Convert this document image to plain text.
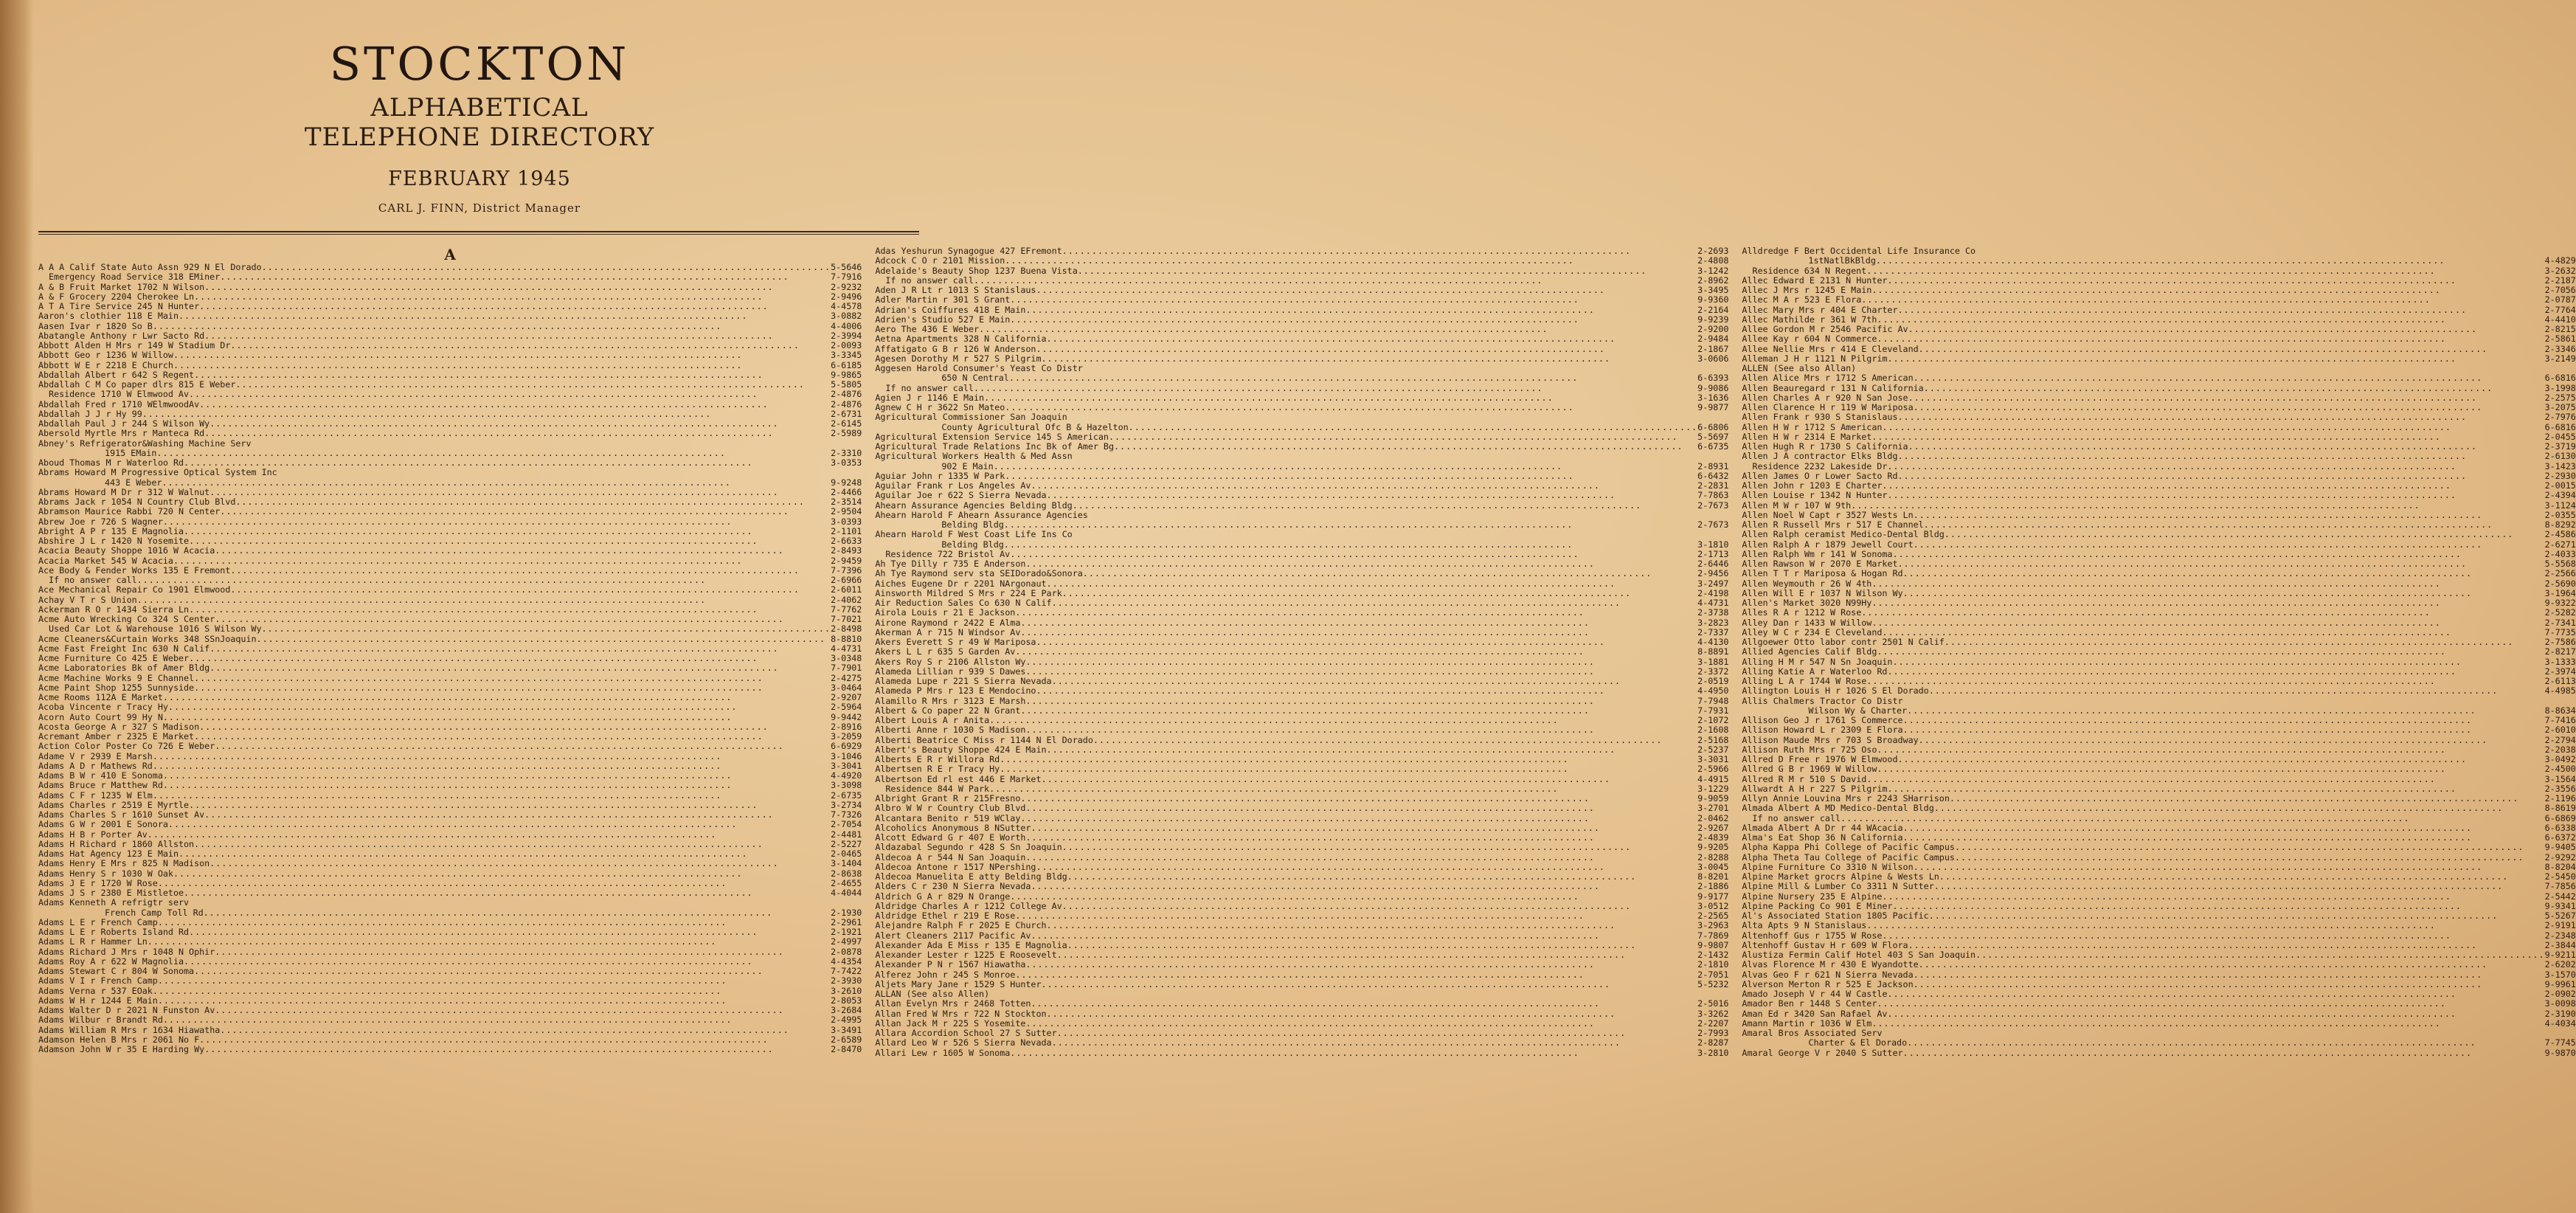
STOCKTON
ALPHABETICAL
TELEPHONE DIRECTORY
FEBRUARY 1945
CARL J. FINN, District Manager
A
A A A Calif State Auto Assn 929 N El Dorado .....	5-5646
Emergency Road Service 318 EMiner .....	7-7916
A & B Fruit Market 1702 N Wilson .....	2-9232
A & F Grocery 2204 Cherokee Ln .....	2-9496
A T A Tire Service 245 N Hunter .....	4-4578
Aaron's clothier 118 E Main .....	3-0882
Aasen Ivar r 1820 So B .....	4-4006
Abatangle Anthony r Lwr Sacto Rd .....	2-3994
Abbott Alden H Mrs r 149 W Stadium Dr .....	2-0093
Abbott Geo r 1236 W Willow .....	3-3345
Abbott W E r 2218 E Church .....	6-6185
Abdallah Albert r 642 S Regent .....	9-9865
Abdallah C M Co paper dlrs 815 E Weber .....	5-5805
Residence 1710 W Elmwood Av .....	2-4876
Abdallah Fred r 1710 WElmwoodAv .....	2-4876
Abdallah J J r Hy 99 .....	2-6731
Abdallah Paul J r 244 S Wilson Wy .....	2-6145
Abersold Myrtle Mrs r Manteca Rd .....	2-5989
Abney's Refrigerator&Washing Machine Serv
1915 EMain .....	2-3310
Aboud Thomas M r Waterloo Rd .....	3-0353
Abrams Howard M Progressive Optical System Inc
443 E Weber .....	9-9248
Abrams Howard M Dr r 312 W Walnut .....	2-4466
Abrams Jack r 1054 N Country Club Blvd .....	2-3514
Abramson Maurice Rabbi 720 N Center .....	2-9504
Abrew Joe r 726 S Wagner .....	3-0393
Abright A P r 135 E Magnolia .....	2-1101
Abshire J L r 1420 N Yosemite .....	2-6633
Acacia Beauty Shoppe 1016 W Acacia .....	2-8493
Acacia Market 545 W Acacia .....	2-9459
Ace Body & Fender Works 135 E Fremont .....	7-7396
If no answer call .....	2-6966
Ace Mechanical Repair Co 1901 Elmwood .....	2-6011
Achay V T r S Union .....	2-4062
Ackerman R O r 1434 Sierra Ln .....	7-7762
Acme Auto Wrecking Co 324 S Center .....	7-7021
Used Car Lot & Warehouse 1016 S Wilson Wy .....	2-8498
Acme Cleaners&Curtain Works 348 SSnJoaquin .....	8-8810
Acme Fast Freight Inc 630 N Calif .....	4-4731
Acme Furniture Co 425 E Weber .....	3-0348
Acme Laboratories Bk of Amer Bldg .....	7-7901
Acme Machine Works 9 E Channel .....	2-4275
Acme Paint Shop 1255 Sunnyside .....	3-0464
Acme Rooms 112A E Market .....	2-9207
Acoba Vincente r Tracy Hy .....	2-5964
Acorn Auto Court 99 Hy N .....	9-9442
Acosta George A r 327 S Madison .....	2-8916
Acremant Amber r 2325 E Market .....	3-2059
Action Color Poster Co 726 E Weber .....	6-6929
Adame V r 2939 E Marsh .....	3-1046
Adams A D r Mathews Rd .....	3-3041
Adams B W r 410 E Sonoma .....	4-4920
Adams Bruce r Matthew Rd .....	3-3098
Adams C F r 1235 W Elm .....	2-6735
Adams Charles r 2519 E Myrtle .....	3-2734
Adams Charles S r 1610 Sunset Av .....	7-7326
Adams G W r 2001 E Sonora .....	2-7054
Adams H B r Porter Av .....	2-4481
Adams H Richard r 1860 Allston .....	2-5227
Adams Hat Agency 123 E Main .....	2-0465
Adams Henry E Mrs r 825 N Madison .....	3-1404
Adams Henry S r 1030 W Oak .....	2-8638
Adams J E r 1720 W Rose .....	2-4655
Adams J S r 2380 E Mistletoe .....	4-4044
Adams Kenneth A refrigtr serv
French Camp Toll Rd .....	2-1930
Adams L E r French Camp .....	2-2961
Adams L E r Roberts Island Rd .....	2-1921
Adams L R r Hammer Ln .....	2-4997
Adams Richard J Mrs r 1048 N Ophir .....	2-0878
Adams Roy A r 622 W Magnolia .....	4-4354
Adams Stewart C r 804 W Sonoma .....	7-7422
Adams V I r French Camp .....	2-3930
Adams Verna r 537 EOak .....	3-2610
Adams W H r 1244 E Main .....	2-8053
Adams Walter D r 2021 N Funston Av .....	3-2684
Adams Wilbur r Brandt Rd .....	2-4995
Adams William R Mrs r 1634 Hiawatha .....	3-3491
Adamson Helen B Mrs r 2061 No F .....	2-6589
Adamson John W r 35 E Harding Wy .....	2-8470
Adas Yeshurun Synagogue 427 EFremont .....	2-2693
Adcock C O r 2101 Mission .....	2-4808
Adelaide's Beauty Shop 1237 Buena Vista .....	3-1242
If no answer call .....	2-8962
Aden J R Lt r 1013 S Stanislaus .....	3-3495
Adler Martin r 301 S Grant .....	9-9360
Adrian's Coiffures 418 E Main .....	2-2164
Adrien's Studio 527 E Main .....	9-9239
Aero The 436 E Weber .....	2-9200
Aetna Apartments 328 N California .....	2-9484
Affatigato G B r 126 W Anderson .....	2-1867
Agesen Dorothy M r 527 S Pilgrim .....	3-0606
Aggesen Harold Consumer's Yeast Co Distr
650 N Central .....	6-6393
If no answer call .....	9-9086
Agien J r 1146 E Main .....	3-1636
Agnew C H r 3622 Sn Mateo .....	9-9877
Agricultural Commissioner San Joaquin
County Agricultural Ofc B & Hazelton .....	6-6806
Agricultural Extension Service 145 S American .....	5-5697
Agricultural Trade Relations Inc Bk of Amer Bg .....	6-6735
Agricultural Workers Health & Med Assn
902 E Main .....	2-8931
Aguiar John r 1335 W Park .....	6-6432
Aguilar Frank r Los Angeles Av .....	2-2831
Aguilar Joe r 622 S Sierra Nevada .....	7-7863
Ahearn Assurance Agencies Belding Bldg .....	2-7673
Ahearn Harold F Ahearn Assurance Agencies
Belding Bldg .....	2-7673
Ahearn Harold F West Coast Life Ins Co
Belding Bldg .....	3-1810
Residence 722 Bristol Av .....	2-1713
Ah Tye Dilly r 735 E Anderson .....	2-6446
Ah Tye Raymond serv sta SEIDorado&Sonora .....	2-9456
Aiches Eugene Dr r 2201 NArgonaut .....	3-2497
Ainsworth Mildred S Mrs r 224 E Park .....	2-4198
Air Reduction Sales Co 630 N Calif .....	4-4731
Airola Louis r 21 E Jackson .....	2-3738
Airone Raymond r 2422 E Alma .....	3-2823
Akerman A r 715 N Windsor Av .....	2-7337
Akers Everett S r 49 W Mariposa .....	4-4130
Akers L L r 635 S Garden Av .....	8-8891
Akers Roy S r 2106 Allston Wy .....	3-1881
Alameda Lillian r 939 S Dawes .....	2-3372
Alameda Lupe r 221 S Sierra Nevada .....	2-0519
Alameda P Mrs r 123 E Mendocino .....	4-4950
Alamillo R Mrs r 3123 E Marsh .....	7-7948
Albert & Co paper 22 N Grant .....	7-7931
Albert Louis A r Anita .....	2-1072
Alberti Anne r 1030 S Madison .....	2-1608
Alberti Beatrice C Miss r 1144 N El Dorado .....	2-5168
Albert's Beauty Shoppe 424 E Main .....	2-5237
Alberts E R r Willora Rd .....	3-3031
Albertsen R E r Tracy Hy .....	2-5966
Albertson Ed rl est 446 E Market .....	4-4915
Residence 844 W Park .....	3-1229
Albright Grant R r 215Fresno .....	9-9059
Albro W W r Country Club Blvd .....	3-2701
Alcantara Benito r 519 WClay .....	2-0462
Alcoholics Anonymous 8 NSutter .....	2-9267
Alcott Edward G r 407 E Worth .....	2-4839
Aldazabal Segundo r 428 S Sn Joaquin .....	9-9205
Aldecoa A r 544 N San Joaquin .....	2-8288
Aldecoa Antone r 1517 NPershing .....	3-0045
Aldecoa Manuelita E atty Belding Bldg .....	8-8201
Alders C r 230 N Sierra Nevada .....	2-1886
Aldrich G A r 829 N Orange .....	9-9177
Aldridge Charles A r 1212 College Av .....	3-0512
Aldridge Ethel r 219 E Rose .....	2-2565
Alejandre Ralph F r 2025 E Church .....	3-2963
Alert Cleaners 2117 Pacific Av .....	7-7869
Alexander Ada E Miss r 135 E Magnolia .....	9-9807
Alexander Lester r 1225 E Roosevelt .....	2-1432
Alexander P N r 1567 Hiawatha .....	2-1810
Alferez John r 245 S Monroe .....	2-7051
Aljets Mary Jane r 1529 S Hunter .....	5-5232
ALLAN (See also Allen)
Allan Evelyn Mrs r 2468 Totten .....	2-5016
Allan Fred W Mrs r 722 N Stockton .....	3-3262
Allan Jack M r 225 S Yosemite .....	2-2207
Allara Accordion School 27 S Sutter .....	2-7993
Allard Leo W r 526 S Sierra Nevada .....	2-8287
Allari Lew r 1605 W Sonoma .....	3-2810
Alldredge F Bert Occidental Life Insurance Co
1stNatlBkBldg .....	4-4829
Residence 634 N Regent .....	3-2632
Allec Edward E 2131 N Hunter .....	2-2187
Allec J Mrs r 1245 E Main .....	2-7056
Allec M A r 523 E Flora .....	2-0787
Allec Mary Mrs r 404 E Charter .....	2-7764
Allec Mathilde r 361 W 7th .....	4-4410
Allee Gordon M r 2546 Pacific Av .....	2-8215
Allee Kay r 604 N Commerce .....	2-5861
Allee Nellie Mrs r 414 E Cleveland .....	2-3346
Alleman J H r 1121 N Pilgrim .....	3-2149
ALLEN (See also Allan)
Allen Alice Mrs r 1712 S American .....	6-6816
Allen Beauregard r 131 N California .....	3-1998
Allen Charles A r 920 N San Jose .....	2-2575
Allen Clarence H r 119 W Mariposa .....	3-2075
Allen Frank r 930 S Stanislaus .....	2-7976
Allen H W r 1712 S American .....	6-6816
Allen H W r 2314 E Market .....	2-0455
Allen Hugh R r 1730 S California .....	2-3719
Allen J A contractor Elks Bldg .....	2-6130
Residence 2232 Lakeside Dr .....	3-1423
Allen James O r Lower Sacto Rd .....	2-2930
Allen John r 1203 E Charter .....	2-0015
Allen Louise r 1342 N Hunter .....	2-4394
Allen M W r 107 W 9th .....	3-1124
Allen Noel W Capt r 3527 Wests Ln .....	2-0355
Allen R Russell Mrs r 517 E Channel .....	8-8292
Allen Ralph ceramist Medico-Dental Bldg .....	2-4586
Allen Ralph A r 1879 Jewell Court .....	2-6271
Allen Ralph Wm r 141 W Sonoma .....	2-4033
Allen Rawson W r 2070 E Market .....	5-5568
Allen T T r Mariposa & Hogan Rd .....	2-2566
Allen Weymouth r 26 W 4th .....	2-5690
Allen Will E r 1037 N Wilson Wy .....	3-1964
Allen's Market 3020 N99Hy .....	9-9322
Alles R A r 1212 W Rose .....	2-5282
Alley Dan r 1433 W Willow .....	2-7341
Alley W C r 234 E Cleveland .....	7-7735
Allgoewer Otto labor contr 2501 N Calif .....	2-7586
Allied Agencies Calif Bldg .....	2-8217
Alling H M r 547 N Sn Joaquin .....	3-1333
Alling Katie A r Waterloo Rd .....	2-3974
Alling L A r 1744 W Rose .....	2-6113
Allington Louis H r 1026 S El Dorado .....	4-4985
Allis Chalmers Tractor Co Distr
Wilson Wy & Charter .....	8-8634
Allison Geo J r 1761 S Commerce .....	7-7416
Allison Howard L r 2309 E Flora .....	2-6010
Allison Maude Mrs r 703 S Broadway .....	2-2794
Allison Ruth Mrs r 725 Oso .....	2-2038
Allred D Free r 1976 W Elmwood .....	3-0492
Allred G B r 1969 W Willow .....	2-4500
Allred R M r 510 S David .....	3-1564
Allwardt A H r 227 S Pilgrim .....	2-3556
Allyn Annie Louvina Mrs r 2243 SHarrison .....	2-1196
Almada Albert A MD Medico-Dental Bldg .....	8-8619
If no answer call .....	6-6869
Almada Albert A Dr r 44 WAcacia .....	6-6338
Alma's Eat Shop 36 N California .....	6-6372
Alpha Kappa Phi College of Pacific Campus .....	9-9405
Alpha Theta Tau College of Pacific Campus .....	2-9292
Alpine Furniture Co 3310 N Wilson .....	8-8204
Alpine Market grocrs Alpine & Wests Ln .....	2-5450
Alpine Mill & Lumber Co 3311 N Sutter .....	7-7856
Alpine Nursery 235 E Alpine .....	2-5442
Alpine Packing Co 901 E Miner .....	9-9341
Al's Associated Station 1805 Pacific .....	5-5267
Alta Apts 9 N Stanislaus .....	2-9191
Altenhoff Gus r 1755 W Rose .....	2-2348
Altenhoff Gustav H r 609 W Flora .....	2-3844
Alustiza Fermin Calif Hotel 403 S San Joaquin .....	9-9211
Alvas Florence M r 430 E Wyandotte .....	2-6202
Alvas Geo F r 621 N Sierra Nevada .....	3-1570
Alverson Merton R r 525 E Jackson .....	9-9961
Amado Joseph V r 44 W Castle .....	2-0902
Amador Ben r 1448 S Center .....	3-0098
Aman Ed r 3420 San Rafael Av .....	2-3190
Amann Martin r 1036 W Elm .....	4-4034
Amaral Bros Associated Serv
Charter & El Dorado .....	7-7745
Amaral George V r 2040 S Sutter .....	9-9870
